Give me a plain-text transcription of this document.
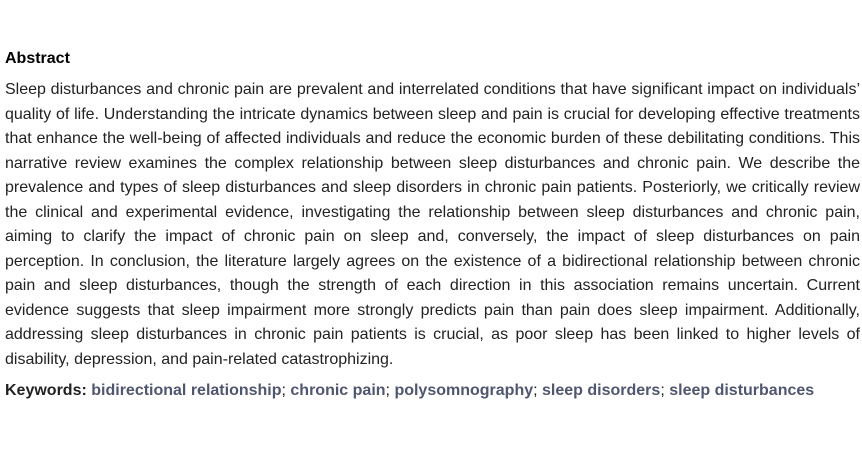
Abstract

Sleep disturbances and chronic pain are prevalent and interrelated conditions that have significant impact on individuals’ quality of life. Understanding the intricate dynamics between sleep and pain is crucial for developing effective treatments that enhance the well-being of affected individuals and reduce the economic burden of these debilitating conditions. This narrative review examines the complex relationship between sleep disturbances and chronic pain. We describe the prevalence and types of sleep disturbances and sleep disorders in chronic pain patients. Posteriorly, we critically review the clinical and experimental evidence, investigating the relationship between sleep disturbances and chronic pain, aiming to clarify the impact of chronic pain on sleep and, conversely, the impact of sleep disturbances on pain perception. In conclusion, the literature largely agrees on the existence of a bidirectional relationship between chronic pain and sleep disturbances, though the strength of each direction in this association remains uncertain. Current evidence suggests that sleep impairment more strongly predicts pain than pain does sleep impairment. Additionally, addressing sleep disturbances in chronic pain patients is crucial, as poor sleep has been linked to higher levels of disability, depression, and pain-related catastrophizing.

Keywords: bidirectional relationship; chronic pain; polysomnography; sleep disorders; sleep disturbances
